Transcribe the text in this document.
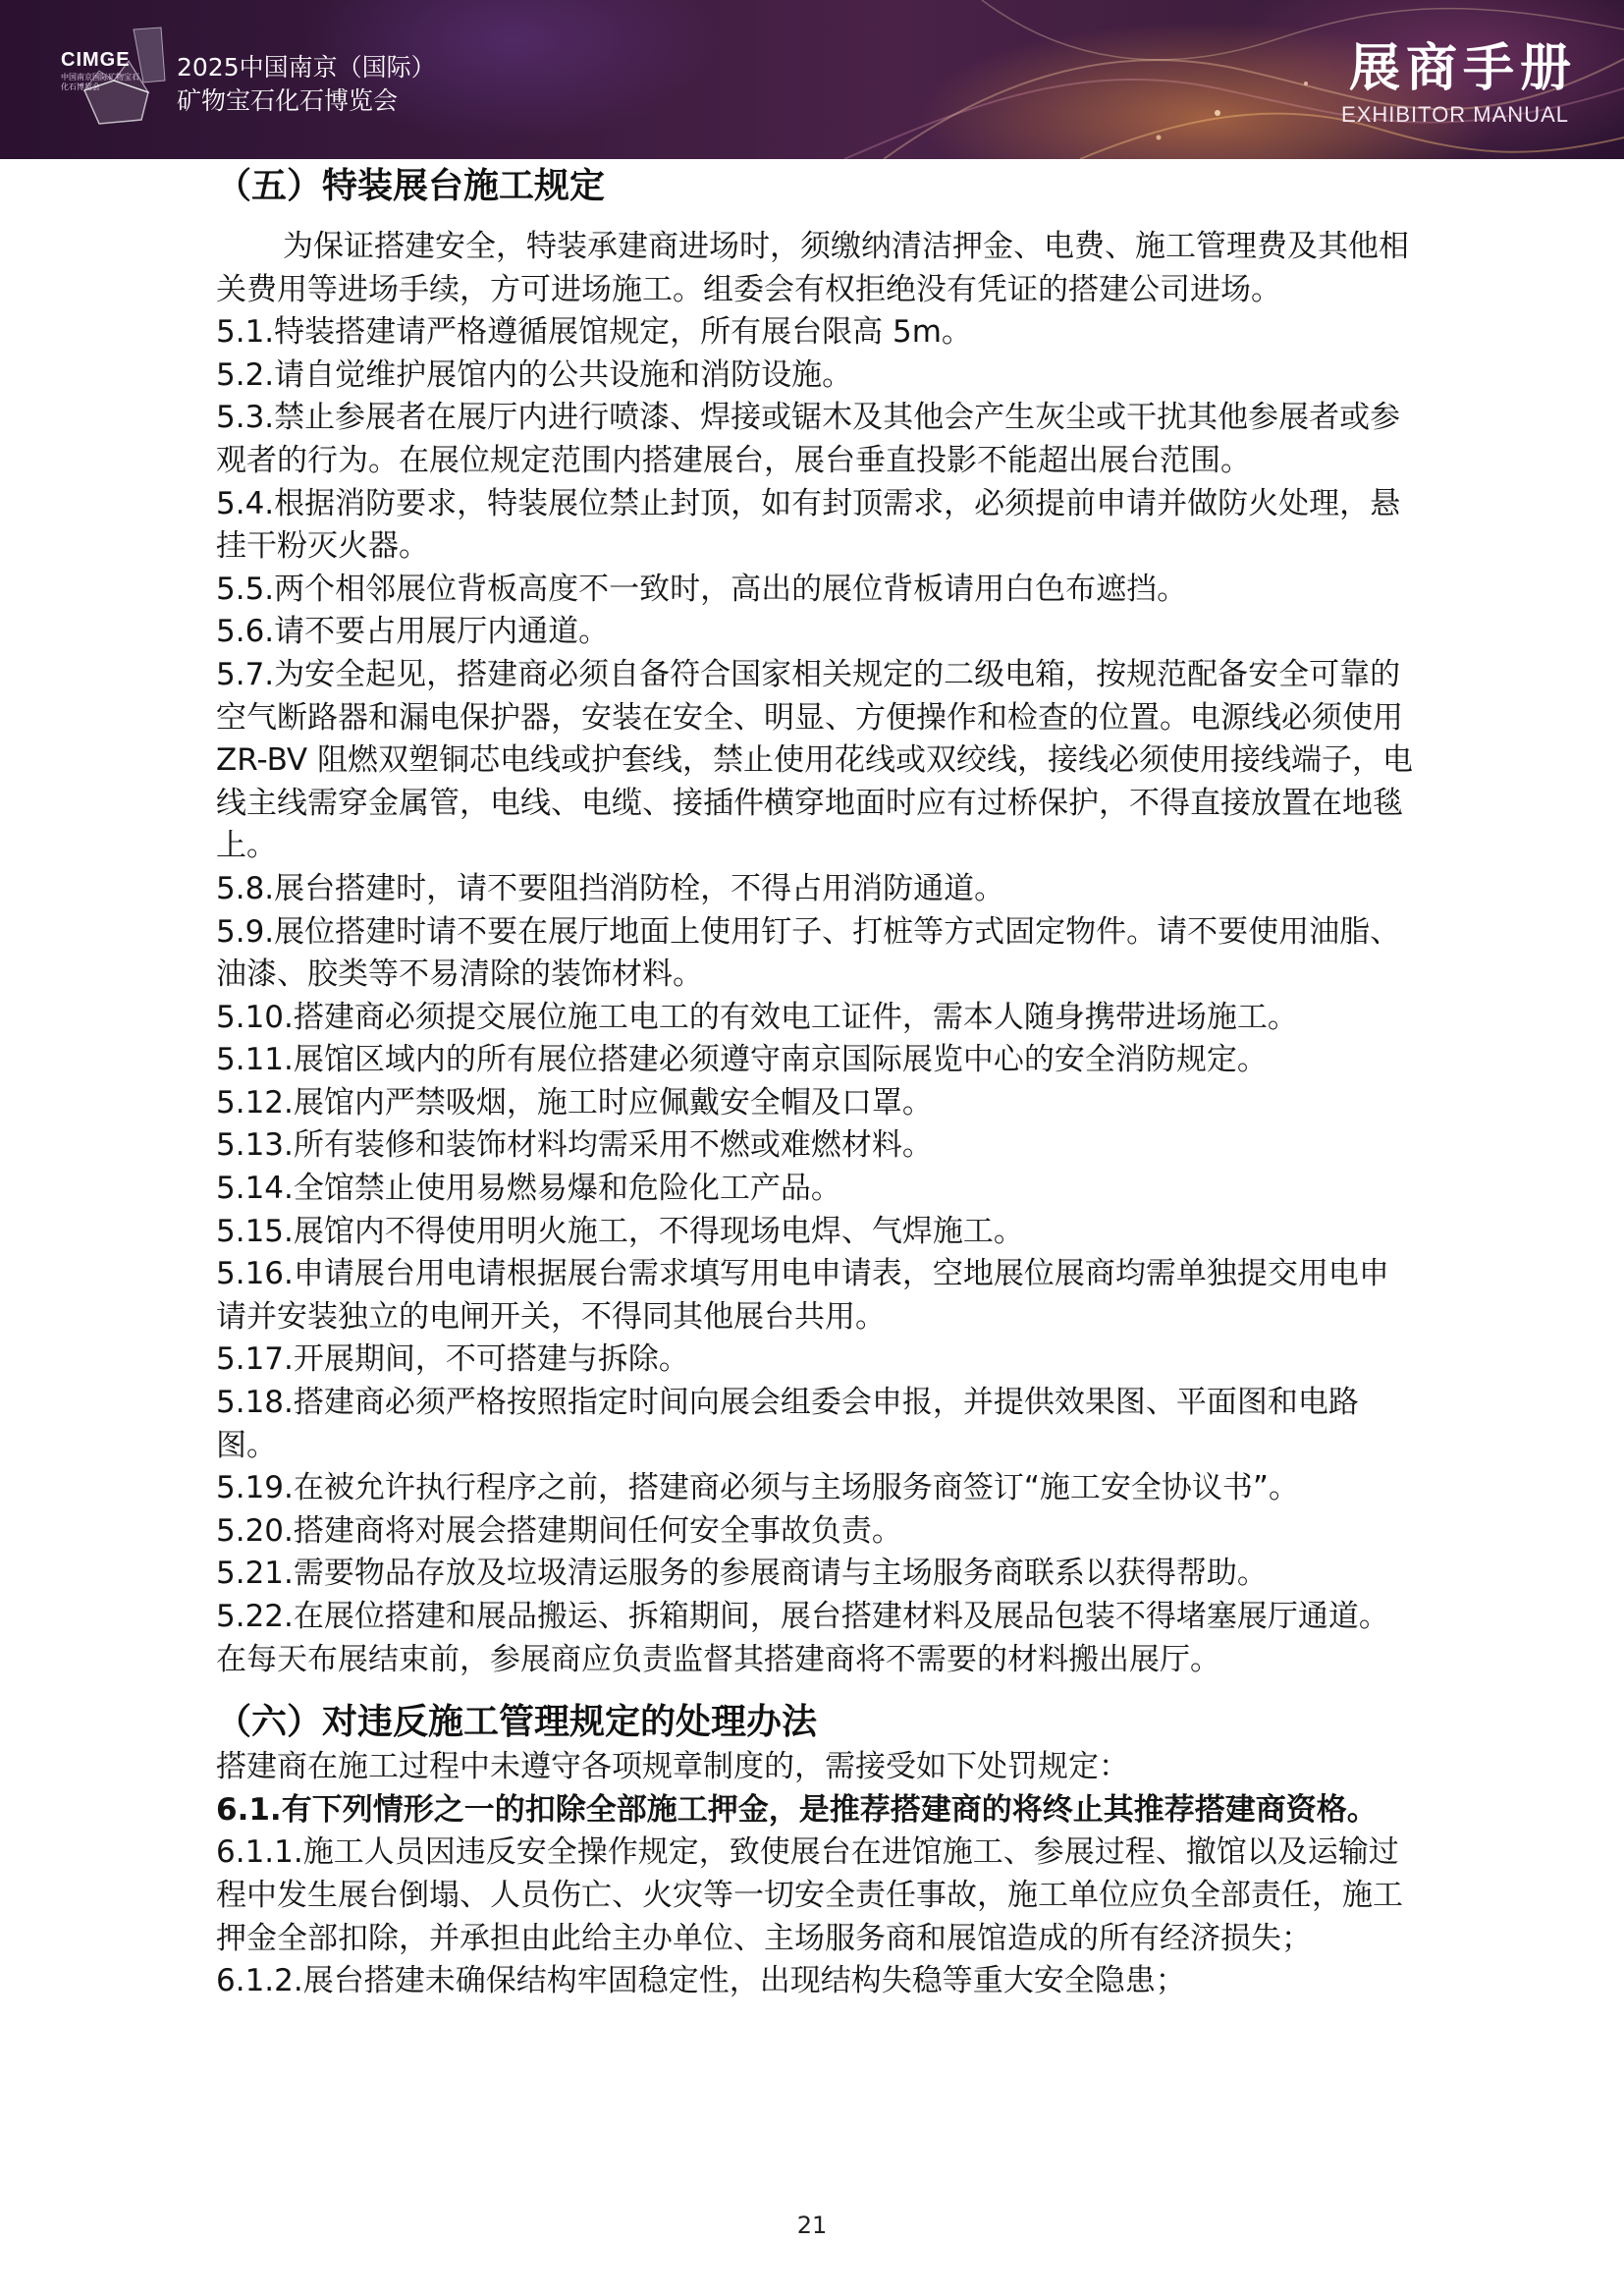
CIMGE
中国南京国际矿物宝石化石博览会
2025中国南京（国际）
矿物宝石化石博览会
展商手册
EXHIBITOR MANUAL
（五）特装展台施工规定

为保证搭建安全，特装承建商进场时，须缴纳清洁押金、电费、施工管理费及其他相关费用等进场手续，方可进场施工。组委会有权拒绝没有凭证的搭建公司进场。

5.1.特装搭建请严格遵循展馆规定，所有展台限高 5m。

5.2.请自觉维护展馆内的公共设施和消防设施。

5.3.禁止参展者在展厅内进行喷漆、焊接或锯木及其他会产生灰尘或干扰其他参展者或参观者的行为。在展位规定范围内搭建展台，展台垂直投影不能超出展台范围。

5.4.根据消防要求，特装展位禁止封顶，如有封顶需求，必须提前申请并做防火处理，悬挂干粉灭火器。

5.5.两个相邻展位背板高度不一致时，高出的展位背板请用白色布遮挡。

5.6.请不要占用展厅内通道。

5.7.为安全起见，搭建商必须自备符合国家相关规定的二级电箱，按规范配备安全可靠的空气断路器和漏电保护器，安装在安全、明显、方便操作和检查的位置。电源线必须使用 ZR-BV 阻燃双塑铜芯电线或护套线，禁止使用花线或双绞线，接线必须使用接线端子，电线主线需穿金属管，电线、电缆、接插件横穿地面时应有过桥保护，不得直接放置在地毯上。

5.8.展台搭建时，请不要阻挡消防栓，不得占用消防通道。

5.9.展位搭建时请不要在展厅地面上使用钉子、打桩等方式固定物件。请不要使用油脂、油漆、胶类等不易清除的装饰材料。

5.10.搭建商必须提交展位施工电工的有效电工证件，需本人随身携带进场施工。

5.11.展馆区域内的所有展位搭建必须遵守南京国际展览中心的安全消防规定。

5.12.展馆内严禁吸烟，施工时应佩戴安全帽及口罩。

5.13.所有装修和装饰材料均需采用不燃或难燃材料。

5.14.全馆禁止使用易燃易爆和危险化工产品。

5.15.展馆内不得使用明火施工，不得现场电焊、气焊施工。

5.16.申请展台用电请根据展台需求填写用电申请表，空地展位展商均需单独提交用电申请并安装独立的电闸开关，不得同其他展台共用。

5.17.开展期间，不可搭建与拆除。

5.18.搭建商必须严格按照指定时间向展会组委会申报，并提供效果图、平面图和电路图。

5.19.在被允许执行程序之前，搭建商必须与主场服务商签订“施工安全协议书”。

5.20.搭建商将对展会搭建期间任何安全事故负责。

5.21.需要物品存放及垃圾清运服务的参展商请与主场服务商联系以获得帮助。

5.22.在展位搭建和展品搬运、拆箱期间，展台搭建材料及展品包装不得堵塞展厅通道。在每天布展结束前，参展商应负责监督其搭建商将不需要的材料搬出展厅。

（六）对违反施工管理规定的处理办法

搭建商在施工过程中未遵守各项规章制度的，需接受如下处罚规定：

6.1.有下列情形之一的扣除全部施工押金，是推荐搭建商的将终止其推荐搭建商资格。

6.1.1.施工人员因违反安全操作规定，致使展台在进馆施工、参展过程、撤馆以及运输过程中发生展台倒塌、人员伤亡、火灾等一切安全责任事故，施工单位应负全部责任，施工押金全部扣除，并承担由此给主办单位、主场服务商和展馆造成的所有经济损失；

6.1.2.展台搭建未确保结构牢固稳定性，出现结构失稳等重大安全隐患；

21
